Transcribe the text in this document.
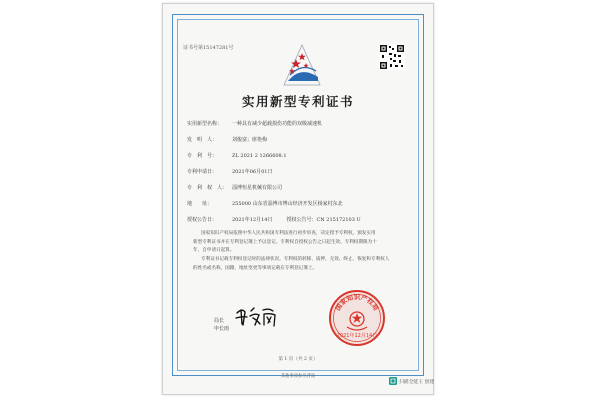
证书号第15147281号
实用新型专利证书
实用新型名称： 一种具有减少超载损伤功能的双级减速机
发　明　人：	刘俊富；席艳梅
专　利　号：	ZL 2021 2 1266608.1
专利申请日：	2021年06月01日
专　利　权　人： 淄博恒星机械有限公司
地　　址：	255000 山东省淄博市博山经济开发区杨家村东北
授权公告日：	2021年12月14日	授权公告号：CN 215172103 U
国家知识产权局依照中华人民共和国专利法进行初步审查，决定授予专利权，颁发实用
新型专利证书并在专利登记簿上予以登记。专利权自授权公告之日起生效。专利权期限为十
年，自申请日起算。
专利证书记载专利权登记时的法律状况。专利权的转移、质押、无效、终止、恢复和专利权人
的姓名或名称、国籍、地址变更等事项记载在专利登记簿上。
局长
申长雨
国家知识产权局
2021年12月14日
第 1 页（共 2 页）
其他事项参见背面
扫描全能王 创建
